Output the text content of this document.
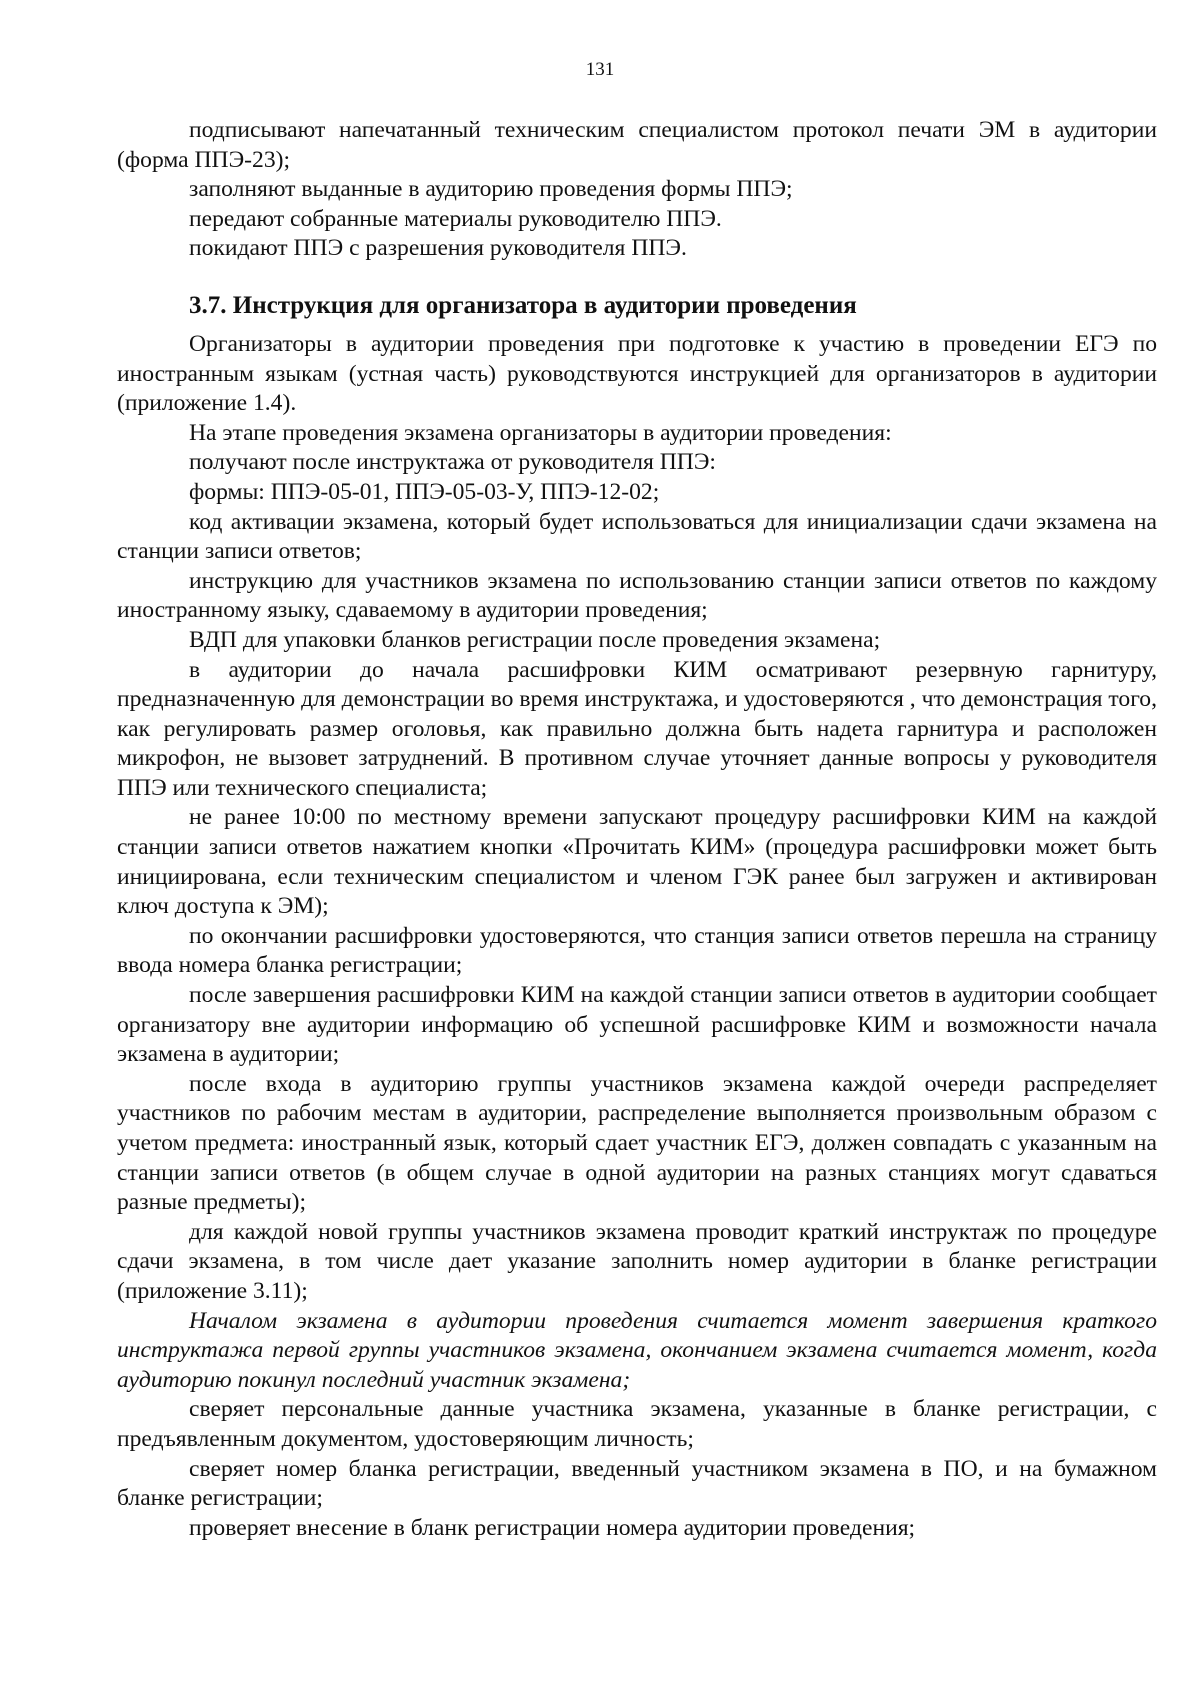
131

подписывают напечатанный техническим специалистом протокол печати ЭМ в аудитории (форма ППЭ-23);

заполняют выданные в аудиторию проведения формы ППЭ;

передают собранные материалы руководителю ППЭ.

покидают ППЭ с разрешения руководителя ППЭ.

3.7. Инструкция для организатора в аудитории проведения

Организаторы в аудитории проведения при подготовке к участию в проведении ЕГЭ по иностранным языкам (устная часть) руководствуются инструкцией для организаторов в аудитории (приложение 1.4).

На этапе проведения экзамена организаторы в аудитории проведения:

получают после инструктажа от руководителя ППЭ:

формы: ППЭ-05-01, ППЭ-05-03-У, ППЭ-12-02;

код активации экзамена, который будет использоваться для инициализации сдачи экзамена на станции записи ответов;

инструкцию для участников экзамена по использованию станции записи ответов по каждому иностранному языку, сдаваемому в аудитории проведения;

ВДП для упаковки бланков регистрации после проведения экзамена;

в аудитории до начала расшифровки КИМ осматривают резервную гарнитуру, предназначенную для демонстрации во время инструктажа, и удостоверяются , что демонстрация того, как регулировать размер оголовья, как правильно должна быть надета гарнитура и расположен микрофон, не вызовет затруднений. В противном случае уточняет данные вопросы у руководителя ППЭ или технического специалиста;

не ранее 10:00 по местному времени запускают процедуру расшифровки КИМ на каждой станции записи ответов нажатием кнопки «Прочитать КИМ» (процедура расшифровки может быть инициирована, если техническим специалистом и членом ГЭК ранее был загружен и активирован ключ доступа к ЭМ);

по окончании расшифровки удостоверяются, что станция записи ответов перешла на страницу ввода номера бланка регистрации;

после завершения расшифровки КИМ на каждой станции записи ответов в аудитории сообщает организатору вне аудитории информацию об успешной расшифровке КИМ и возможности начала экзамена в аудитории;

после входа в аудиторию группы участников экзамена каждой очереди распределяет участников по рабочим местам в аудитории, распределение выполняется произвольным образом с учетом предмета: иностранный язык, который сдает участник ЕГЭ, должен совпадать с указанным на станции записи ответов (в общем случае в одной аудитории на разных станциях могут сдаваться разные предметы);

для каждой новой группы участников экзамена проводит краткий инструктаж по процедуре сдачи экзамена, в том числе дает указание заполнить номер аудитории в бланке регистрации (приложение 3.11);

Началом экзамена в аудитории проведения считается момент завершения краткого инструктажа первой группы участников экзамена, окончанием экзамена считается момент, когда аудиторию покинул последний участник экзамена;

сверяет персональные данные участника экзамена, указанные в бланке регистрации, с предъявленным документом, удостоверяющим личность;

сверяет номер бланка регистрации, введенный участником экзамена в ПО, и на бумажном бланке регистрации;

проверяет внесение в бланк регистрации номера аудитории проведения;
